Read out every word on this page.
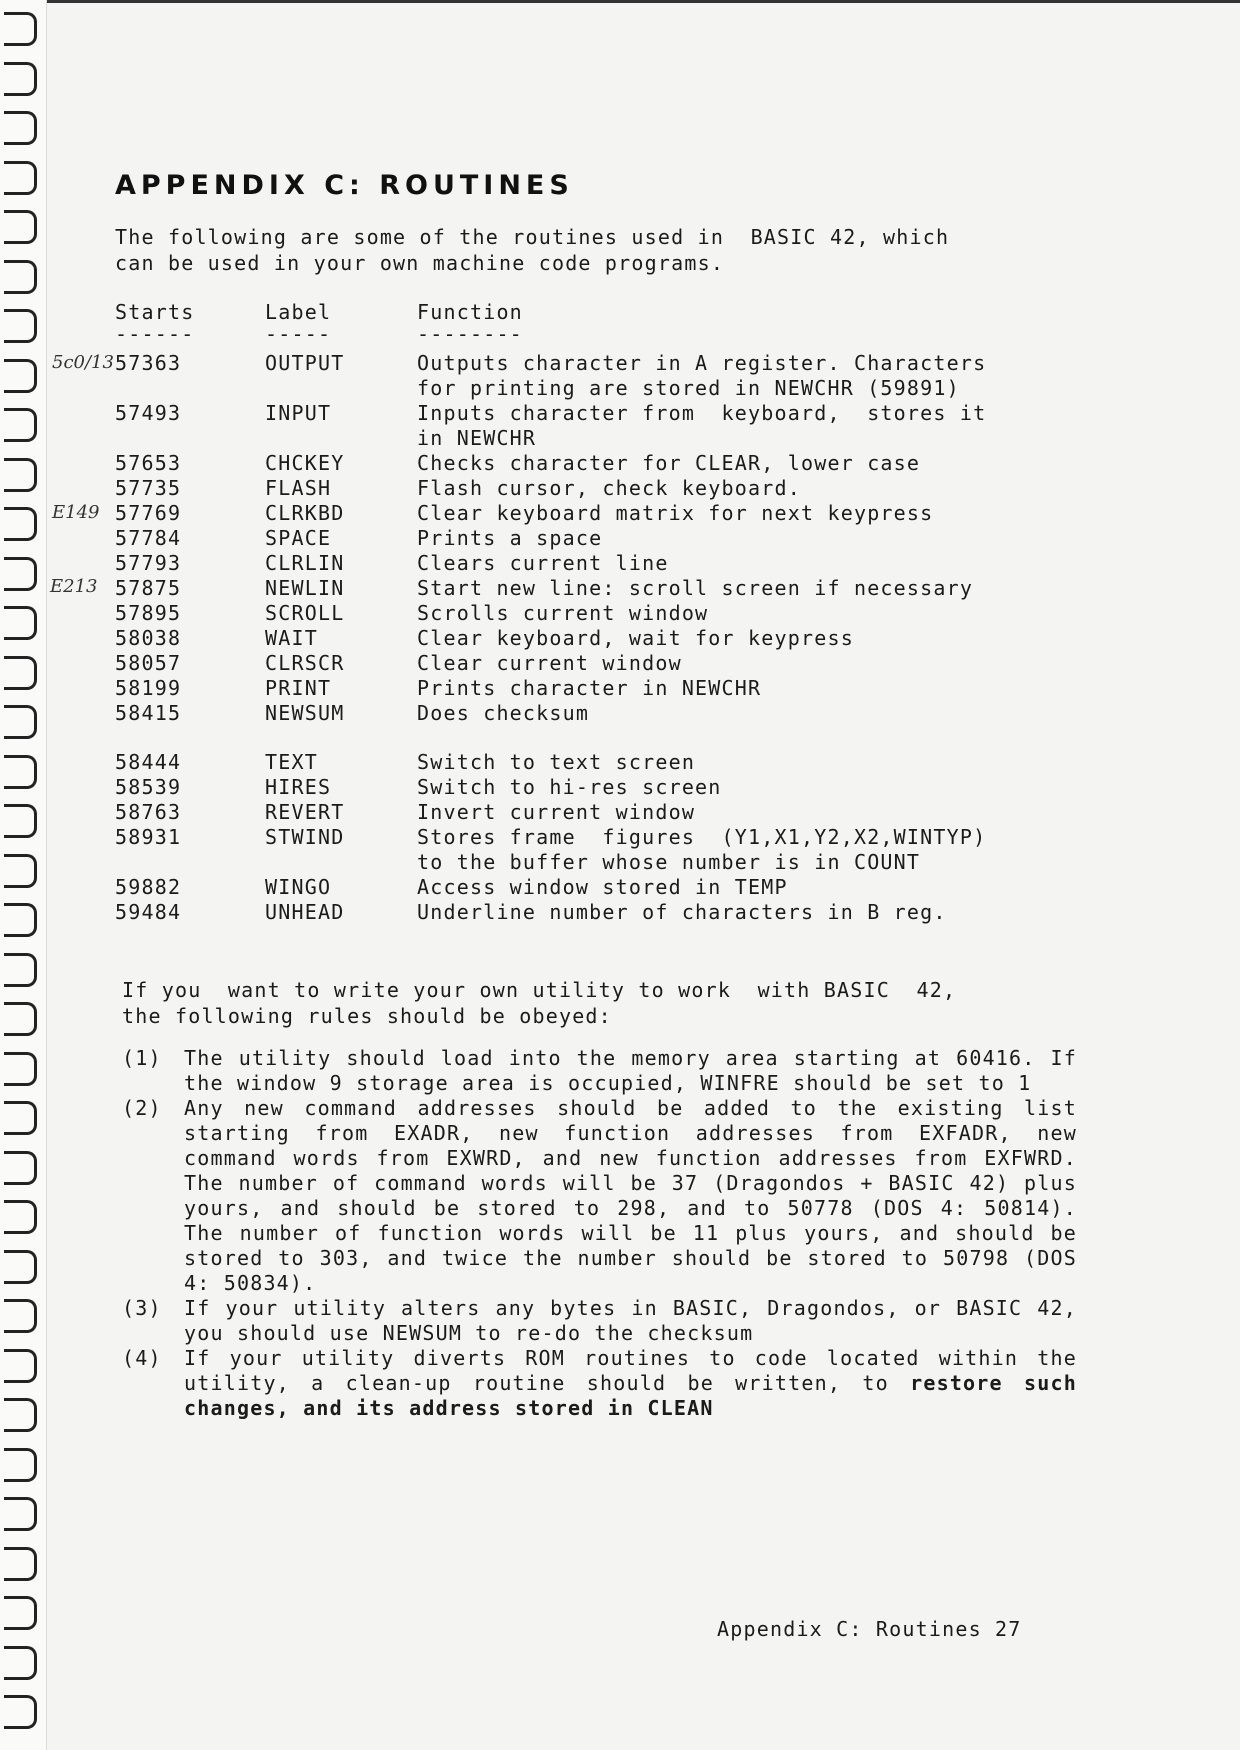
APPENDIX C: ROUTINES
The following are some of the routines used in  BASIC 42, which
can be used in your own machine code programs.
Starts	Label	Function
------	-----	--------
57363	OUTPUT	Outputs character in A register. Characters
for printing are stored in NEWCHR (59891)
57493	INPUT	Inputs character from  keyboard,  stores it
in NEWCHR
57653	CHCKEY	Checks character for CLEAR, lower case
57735	FLASH	Flash cursor, check keyboard.
57769	CLRKBD	Clear keyboard matrix for next keypress
57784	SPACE	Prints a space
57793	CLRLIN	Clears current line
57875	NEWLIN	Start new line: scroll screen if necessary
57895	SCROLL	Scrolls current window
58038	WAIT	Clear keyboard, wait for keypress
58057	CLRSCR	Clear current window
58199	PRINT	Prints character in NEWCHR
58415	NEWSUM	Does checksum
58444	TEXT	Switch to text screen
58539	HIRES	Switch to hi-res screen
58763	REVERT	Invert current window
58931	STWIND	Stores frame  figures  (Y1,X1,Y2,X2,WINTYP)
to the buffer whose number is in COUNT
59882	WINGO	Access window stored in TEMP
59484	UNHEAD	Underline number of characters in B reg.
5c0/13
E149
E213
If you  want to write your own utility to work  with BASIC  42,
the following rules should be obeyed:
(1)	The utility should load into the memory area starting at 60416. If the window 9 storage area is occupied, WINFRE should be set to 1
(2)	Any new command addresses should be added to the existing list starting from EXADR, new function addresses from EXFADR, new command words from EXWRD, and new function addresses from EXFWRD. The number of command words will be 37 (Dragondos + BASIC 42) plus yours, and should be stored to 298, and to 50778 (DOS 4: 50814). The number of function words will be 11 plus yours, and should be stored to 303, and twice the number should be stored to 50798 (DOS 4: 50834).
(3)	If your utility alters any bytes in BASIC, Dragondos, or BASIC 42, you should use NEWSUM to re-do the checksum
(4)	If your utility diverts ROM routines to code located within the utility, a clean-up routine should be written, to restore such changes, and its address stored in CLEAN
Appendix C: Routines 27
